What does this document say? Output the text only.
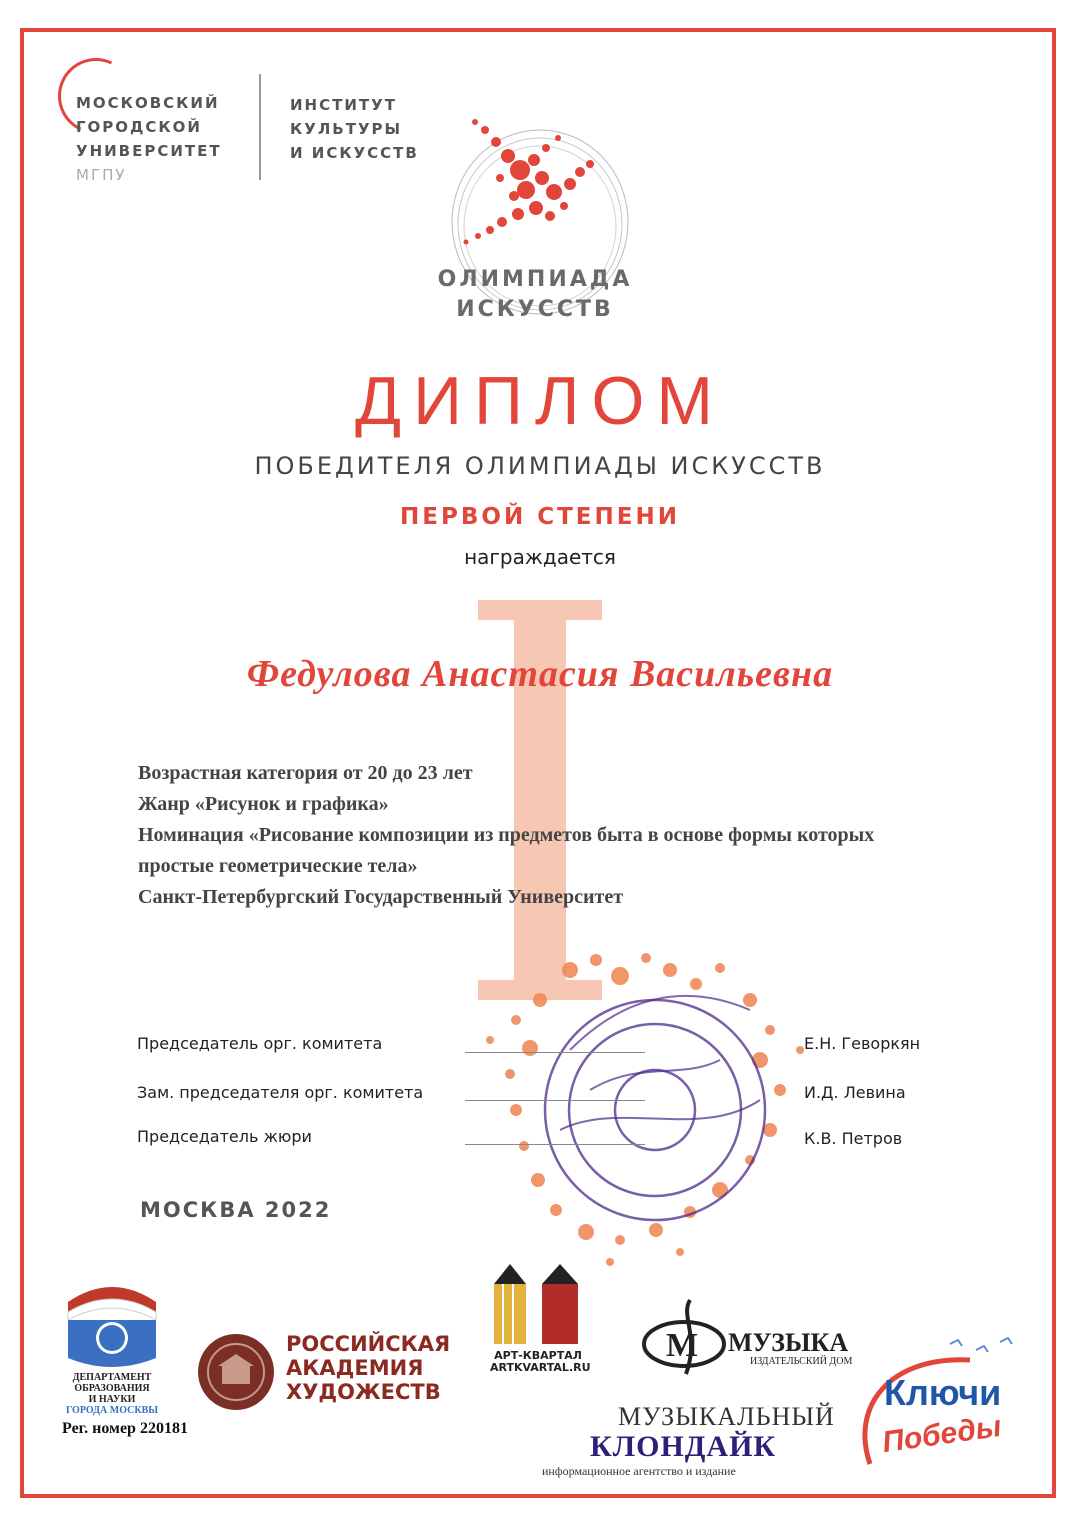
МОСКОВСКИЙ
ГОРОДСКОЙ
УНИВЕРСИТЕТ
МГПУ
ИНСТИТУТ
КУЛЬТУРЫ
И ИСКУССТВ
ОЛИМПИАДА
ИСКУССТВ
ДИПЛОМ
ПОБЕДИТЕЛЯ ОЛИМПИАДЫ ИСКУССТВ
ПЕРВОЙ СТЕПЕНИ
награждается
Федулова Анастасия Васильевна
Возрастная категория от 20 до 23 лет
Жанр «Рисунок и графика»
Номинация «Рисование композиции из предметов быта в основе формы которых
простые геометрические тела»
Санкт-Петербургский Государственный Университет
Председатель орг. комитета	Е.Н. Геворкян
Зам. председателя орг. комитета	И.Д. Левина
Председатель жюри	К.В. Петров
МОСКВА 2022
ДЕПАРТАМЕНТ
ОБРАЗОВАНИЯ
И НАУКИ
ГОРОДА МОСКВЫ
РОССИЙСКАЯ
АКАДЕМИЯ
ХУДОЖЕСТВ
АРТ-КВАРТАЛ
ARTKVARTAL.RU
M МУЗЫКА
ИЗДАТЕЛЬСКИЙ ДОМ
МУЗЫКАЛЬНЫЙ
КЛОНДАЙК
информационное агентство и издание
Ключи
Победы
Рег. номер 220181
